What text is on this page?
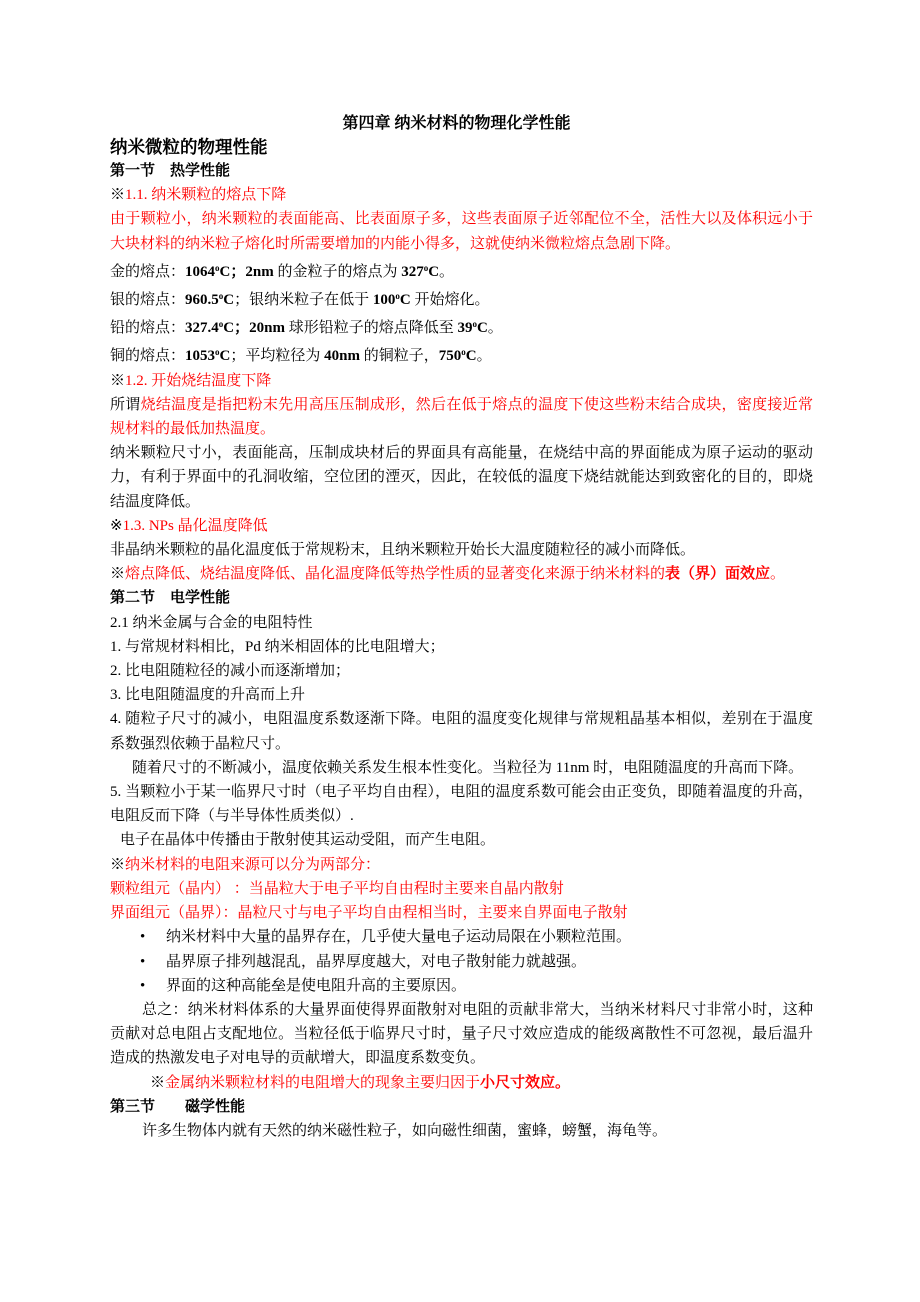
第四章 纳米材料的物理化学性能

纳米微粒的物理性能

第一节　热学性能

※1.1. 纳米颗粒的熔点下降

由于颗粒小，纳米颗粒的表面能高、比表面原子多，这些表面原子近邻配位不全，活性大以及体积远小于大块材料的纳米粒子熔化时所需要增加的内能小得多，这就使纳米微粒熔点急剧下降。

金的熔点：1064$^o$C；2nm 的金粒子的熔点为 327$^o$C。

银的熔点：960.5$^o$C；银纳米粒子在低于 100$^o$C 开始熔化。

铅的熔点：327.4$^o$C；20nm 球形铅粒子的熔点降低至 39$^o$C。

铜的熔点：1053$^o$C；平均粒径为 40nm 的铜粒子，750$^o$C。

※1.2. 开始烧结温度下降

所谓烧结温度是指把粉末先用高压压制成形，然后在低于熔点的温度下使这些粉末结合成块，密度接近常规材料的最低加热温度。

纳米颗粒尺寸小，表面能高，压制成块材后的界面具有高能量，在烧结中高的界面能成为原子运动的驱动力，有利于界面中的孔洞收缩，空位团的湮灭，因此，在较低的温度下烧结就能达到致密化的目的，即烧结温度降低。

※1.3. NPs 晶化温度降低

非晶纳米颗粒的晶化温度低于常规粉末，且纳米颗粒开始长大温度随粒径的减小而降低。

※熔点降低、烧结温度降低、晶化温度降低等热学性质的显著变化来源于纳米材料的表（界）面效应。

第二节　电学性能

2.1 纳米金属与合金的电阻特性

1. 与常规材料相比，Pd 纳米相固体的比电阻增大；

2. 比电阻随粒径的减小而逐渐增加；

3. 比电阻随温度的升高而上升

4. 随粒子尺寸的减小，电阻温度系数逐渐下降。电阻的温度变化规律与常规粗晶基本相似，差别在于温度系数强烈依赖于晶粒尺寸。

随着尺寸的不断减小，温度依赖关系发生根本性变化。当粒径为 11nm 时，电阻随温度的升高而下降。

5. 当颗粒小于某一临界尺寸时（电子平均自由程），电阻的温度系数可能会由正变负，即随着温度的升高，电阻反而下降（与半导体性质类似）.

电子在晶体中传播由于散射使其运动受阻，而产生电阻。

※纳米材料的电阻来源可以分为两部分：

颗粒组元（晶内） ：当晶粒大于电子平均自由程时主要来自晶内散射

界面组元（晶界）：晶粒尺寸与电子平均自由程相当时，主要来自界面电子散射

• 纳米材料中大量的晶界存在，几乎使大量电子运动局限在小颗粒范围。

• 晶界原子排列越混乱，晶界厚度越大，对电子散射能力就越强。

• 界面的这种高能垒是使电阻升高的主要原因。

总之：纳米材料体系的大量界面使得界面散射对电阻的贡献非常大，当纳米材料尺寸非常小时，这种贡献对总电阻占支配地位。当粒径低于临界尺寸时，量子尺寸效应造成的能级离散性不可忽视，最后温升造成的热激发电子对电导的贡献增大，即温度系数变负。

※金属纳米颗粒材料的电阻增大的现象主要归因于小尺寸效应。

第三节　　磁学性能

许多生物体内就有天然的纳米磁性粒子，如向磁性细菌，蜜蜂，螃蟹，海龟等。
